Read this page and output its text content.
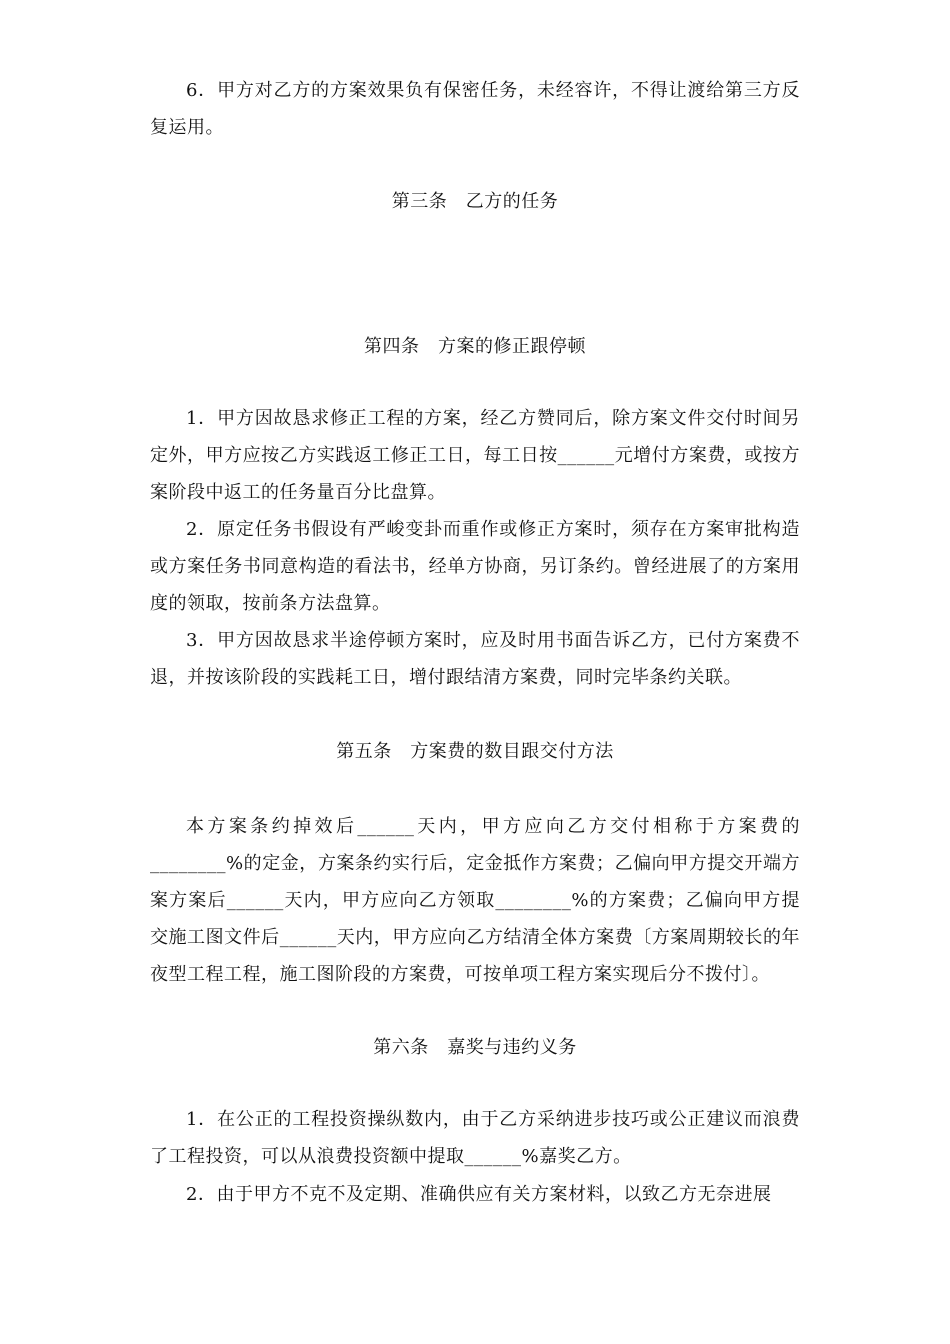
6．甲方对乙方的方案效果负有保密任务，未经容许，不得让渡给第三方反复运用。

第三条　乙方的任务

第四条　方案的修正跟停顿

1．甲方因故恳求修正工程的方案，经乙方赞同后，除方案文件交付时间另定外，甲方应按乙方实践返工修正工日，每工日按______元增付方案费，或按方案阶段中返工的任务量百分比盘算。

2．原定任务书假设有严峻变卦而重作或修正方案时，须存在方案审批构造或方案任务书同意构造的看法书，经单方协商，另订条约。曾经进展了的方案用度的领取，按前条方法盘算。

3．甲方因故恳求半途停顿方案时，应及时用书面告诉乙方，已付方案费不退，并按该阶段的实践耗工日，增付跟结清方案费，同时完毕条约关联。

第五条　方案费的数目跟交付方法

本方案条约掉效后______天内，甲方应向乙方交付相称于方案费的________%的定金，方案条约实行后，定金抵作方案费；乙偏向甲方提交开端方案方案后______天内，甲方应向乙方领取________%的方案费；乙偏向甲方提交施工图文件后______天内，甲方应向乙方结清全体方案费〔方案周期较长的年夜型工程工程，施工图阶段的方案费，可按单项工程方案实现后分不拨付〕。

第六条　嘉奖与违约义务

1．在公正的工程投资操纵数内，由于乙方采纳进步技巧或公正建议而浪费了工程投资，可以从浪费投资额中提取______%嘉奖乙方。

2．由于甲方不克不及定期、准确供应有关方案材料，以致乙方无奈进展
